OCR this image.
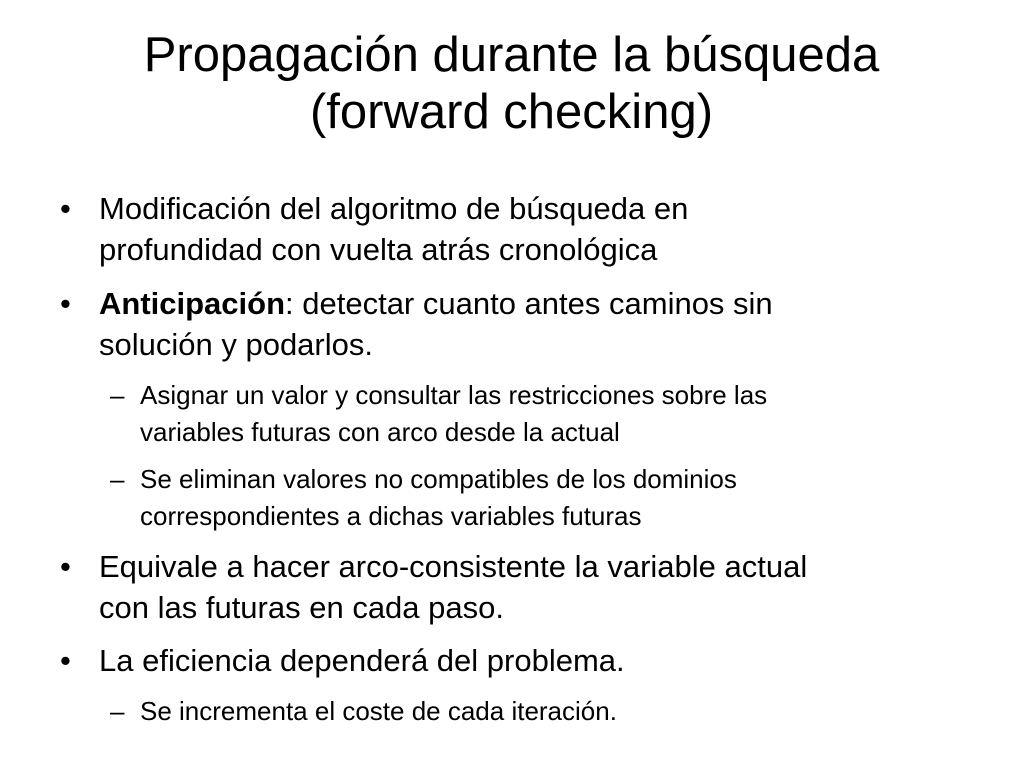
Propagación durante la búsqueda
(forward checking)
• Modificación del algoritmo de búsqueda en
profundidad con vuelta atrás cronológica
• Anticipación: detectar cuanto antes caminos sin
solución y podarlos.
– Asignar un valor y consultar las restricciones sobre las
variables futuras con arco desde la actual
– Se eliminan valores no compatibles de los dominios
correspondientes a dichas variables futuras
• Equivale a hacer arco-consistente la variable actual
con las futuras en cada paso.
• La eficiencia dependerá del problema.
– Se incrementa el coste de cada iteración.
